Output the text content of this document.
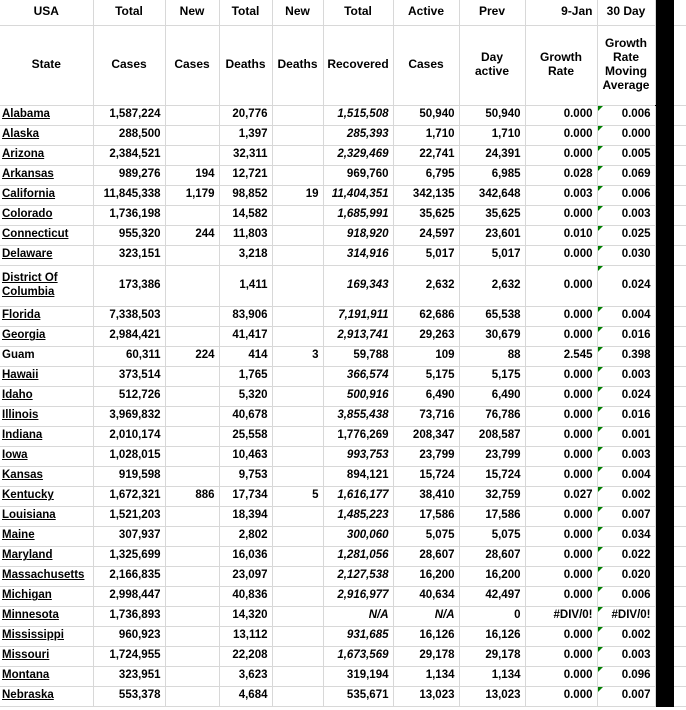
USA	Total	New	Total	New	Total	Active	Prev	9-Jan	30 Day		
State	Cases	Cases	Deaths	Deaths	Recovered	Cases	Day active	Growth Rate	Growth Rate Moving Average		
Alabama	1,587,224		20,776		1,515,508	50,940	50,940	0.000	0.006		
Alaska	288,500		1,397		285,393	1,710	1,710	0.000	0.000		
Arizona	2,384,521		32,311		2,329,469	22,741	24,391	0.000	0.005		
Arkansas	989,276	194	12,721		969,760	6,795	6,985	0.028	0.069		
California	11,845,338	1,179	98,852	19	11,404,351	342,135	342,648	0.003	0.006		
Colorado	1,736,198		14,582		1,685,991	35,625	35,625	0.000	0.003		
Connecticut	955,320	244	11,803		918,920	24,597	23,601	0.010	0.025		
Delaware	323,151		3,218		314,916	5,017	5,017	0.000	0.030		
District Of Columbia	173,386		1,411		169,343	2,632	2,632	0.000	0.024		
Florida	7,338,503		83,906		7,191,911	62,686	65,538	0.000	0.004		
Georgia	2,984,421		41,417		2,913,741	29,263	30,679	0.000	0.016		
Guam	60,311	224	414	3	59,788	109	88	2.545	0.398		
Hawaii	373,514		1,765		366,574	5,175	5,175	0.000	0.003		
Idaho	512,726		5,320		500,916	6,490	6,490	0.000	0.024		
Illinois	3,969,832		40,678		3,855,438	73,716	76,786	0.000	0.016		
Indiana	2,010,174		25,558		1,776,269	208,347	208,587	0.000	0.001		
Iowa	1,028,015		10,463		993,753	23,799	23,799	0.000	0.003		
Kansas	919,598		9,753		894,121	15,724	15,724	0.000	0.004		
Kentucky	1,672,321	886	17,734	5	1,616,177	38,410	32,759	0.027	0.002		
Louisiana	1,521,203		18,394		1,485,223	17,586	17,586	0.000	0.007		
Maine	307,937		2,802		300,060	5,075	5,075	0.000	0.034		
Maryland	1,325,699		16,036		1,281,056	28,607	28,607	0.000	0.022		
Massachusetts	2,166,835		23,097		2,127,538	16,200	16,200	0.000	0.020		
Michigan	2,998,447		40,836		2,916,977	40,634	42,497	0.000	0.006		
Minnesota	1,736,893		14,320		N/A	N/A	0	#DIV/0!	#DIV/0!		
Mississippi	960,923		13,112		931,685	16,126	16,126	0.000	0.002		
Missouri	1,724,955		22,208		1,673,569	29,178	29,178	0.000	0.003		
Montana	323,951		3,623		319,194	1,134	1,134	0.000	0.096		
Nebraska	553,378		4,684		535,671	13,023	13,023	0.000	0.007		
